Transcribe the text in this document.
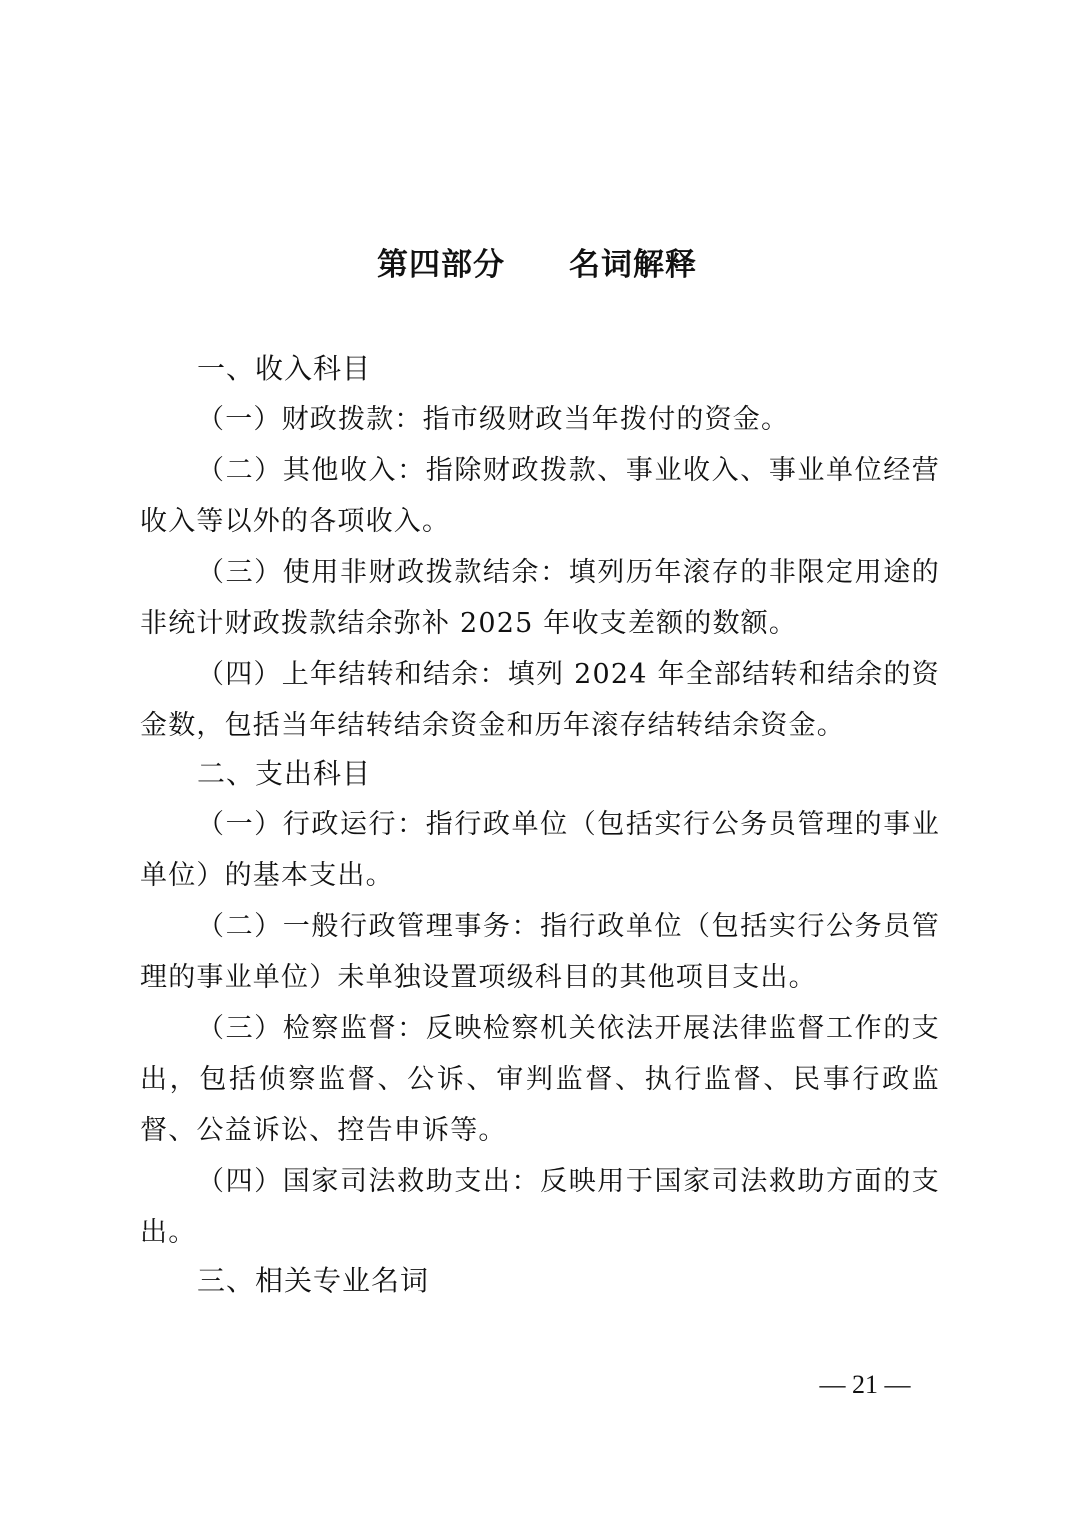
第四部分　　名词解释
一、收入科目

（一）财政拨款：指市级财政当年拨付的资金。

（二）其他收入：指除财政拨款、事业收入、事业单位经营收入等以外的各项收入。

（三）使用非财政拨款结余：填列历年滚存的非限定用途的非统计财政拨款结余弥补 2025 年收支差额的数额。

（四）上年结转和结余：填列 2024 年全部结转和结余的资金数，包括当年结转结余资金和历年滚存结转结余资金。

二、支出科目

（一）行政运行：指行政单位（包括实行公务员管理的事业单位）的基本支出。

（二）一般行政管理事务：指行政单位（包括实行公务员管理的事业单位）未单独设置项级科目的其他项目支出。

（三）检察监督：反映检察机关依法开展法律监督工作的支出，包括侦察监督、公诉、审判监督、执行监督、民事行政监督、公益诉讼、控告申诉等。

（四）国家司法救助支出：反映用于国家司法救助方面的支出。

三、相关专业名词
— 21 —
